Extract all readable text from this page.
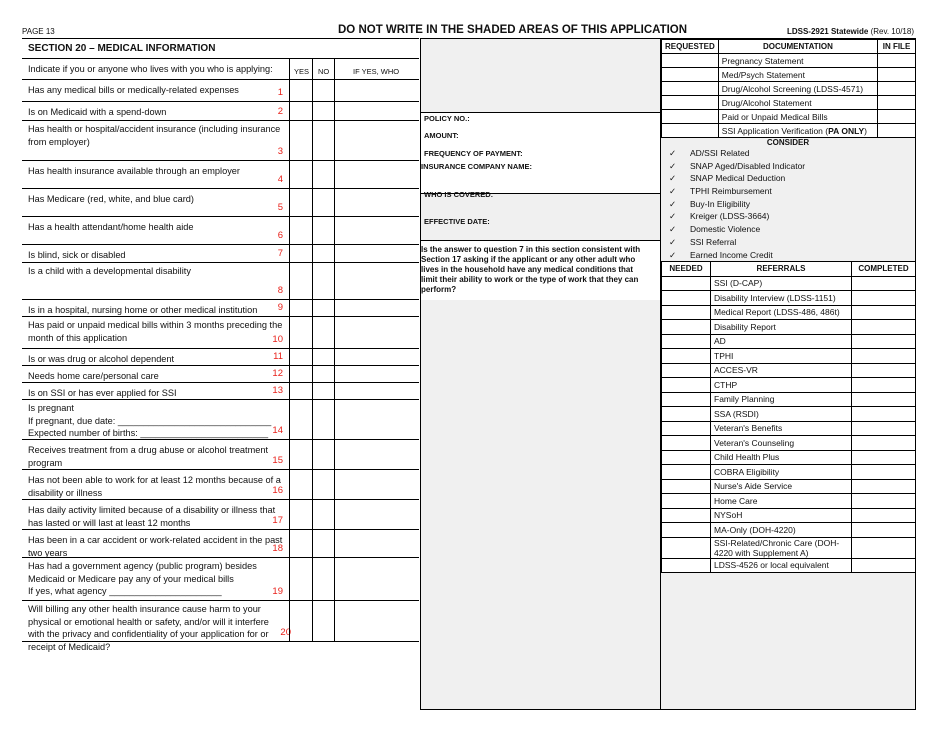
PAGE 13	DO NOT WRITE IN THE SHADED AREAS OF THIS APPLICATION	LDSS-2921 Statewide (Rev. 10/18)
SECTION 20 – MEDICAL INFORMATION
Indicate if you or anyone who lives with you who is applying:	YES NO	IF YES, WHO
Has any medical bills or medically-related expenses	1
Is on Medicaid with a spend-down	2
Has health or hospital/accident insurance (including insurance from employer)
3
Has health insurance available through an employer
4
Has Medicare (red, white, and blue card)
5
Has a health attendant/home health aide
6
Is blind, sick or disabled	7
Is a child with a developmental disability
8
Is in a hospital, nursing home or other medical institution	9
Has paid or unpaid medical bills within 3 months preceding the month of this application	10
Is or was drug or alcohol dependent	11
Needs home care/personal care	12
Is on SSI or has ever applied for SSI	13
Is pregnant
If pregnant, due date: ______________________________
Expected number of births: _________________________ 14
Receives treatment from a drug abuse or alcohol treatment program	15
Has not been able to work for at least 12 months because of a disability or illness	16
Has daily activity limited because of a disability or illness that has lasted or will last at least 12 months	17
Has been in a car accident or work-related accident in the past two years	18
Has had a government agency (public program) besides Medicaid or Medicare pay any of your medical bills
If yes, what agency ______________________	19
Will billing any other health insurance cause harm to your physical or emotional health or safety, and/or will it interfere with the privacy and confidentiality of your application for or receipt of Medicaid?
20
POLICY NO.:
AMOUNT:
FREQUENCY OF PAYMENT:
INSURANCE COMPANY NAME:
WHO IS COVERED:
EFFECTIVE DATE:
Is the answer to question 7 in this section consistent with Section 17 asking if the applicant or any other adult who lives in the household have any medical conditions that limit their ability to work or the type of work that they can perform?
REQUESTED	DOCUMENTATION	IN FILE
	Pregnancy Statement	
	Med/Psych Statement	
	Drug/Alcohol Screening (LDSS-4571)	
	Drug/Alcohol Statement	
	Paid or Unpaid Medical Bills	
	SSI Application Verification (PA ONLY)	
CONSIDER
✓ AD/SSI Related
✓ SNAP Aged/Disabled Indicator
✓ SNAP Medical Deduction
✓ TPHI Reimbursement
✓ Buy-In Eligibility
✓ Kreiger (LDSS-3664)
✓ Domestic Violence
✓ SSI Referral
✓ Earned Income Credit
NEEDED	REFERRALS	COMPLETED
	SSI (D-CAP)	
	Disability Interview (LDSS-1151)	
	Medical Report (LDSS-486, 486t)	
	Disability Report	
	AD	
	TPHI	
	ACCES-VR	
	CTHP	
	Family Planning	
	SSA (RSDI)	
	Veteran's Benefits	
	Veteran's Counseling	
	Child Health Plus	
	COBRA Eligibility	
	Nurse's Aide Service	
	Home Care	
	NYSoH	
	MA-Only (DOH-4220)	
	SSI-Related/Chronic Care (DOH-4220 with Supplement A)	
	LDSS-4526 or local equivalent	
